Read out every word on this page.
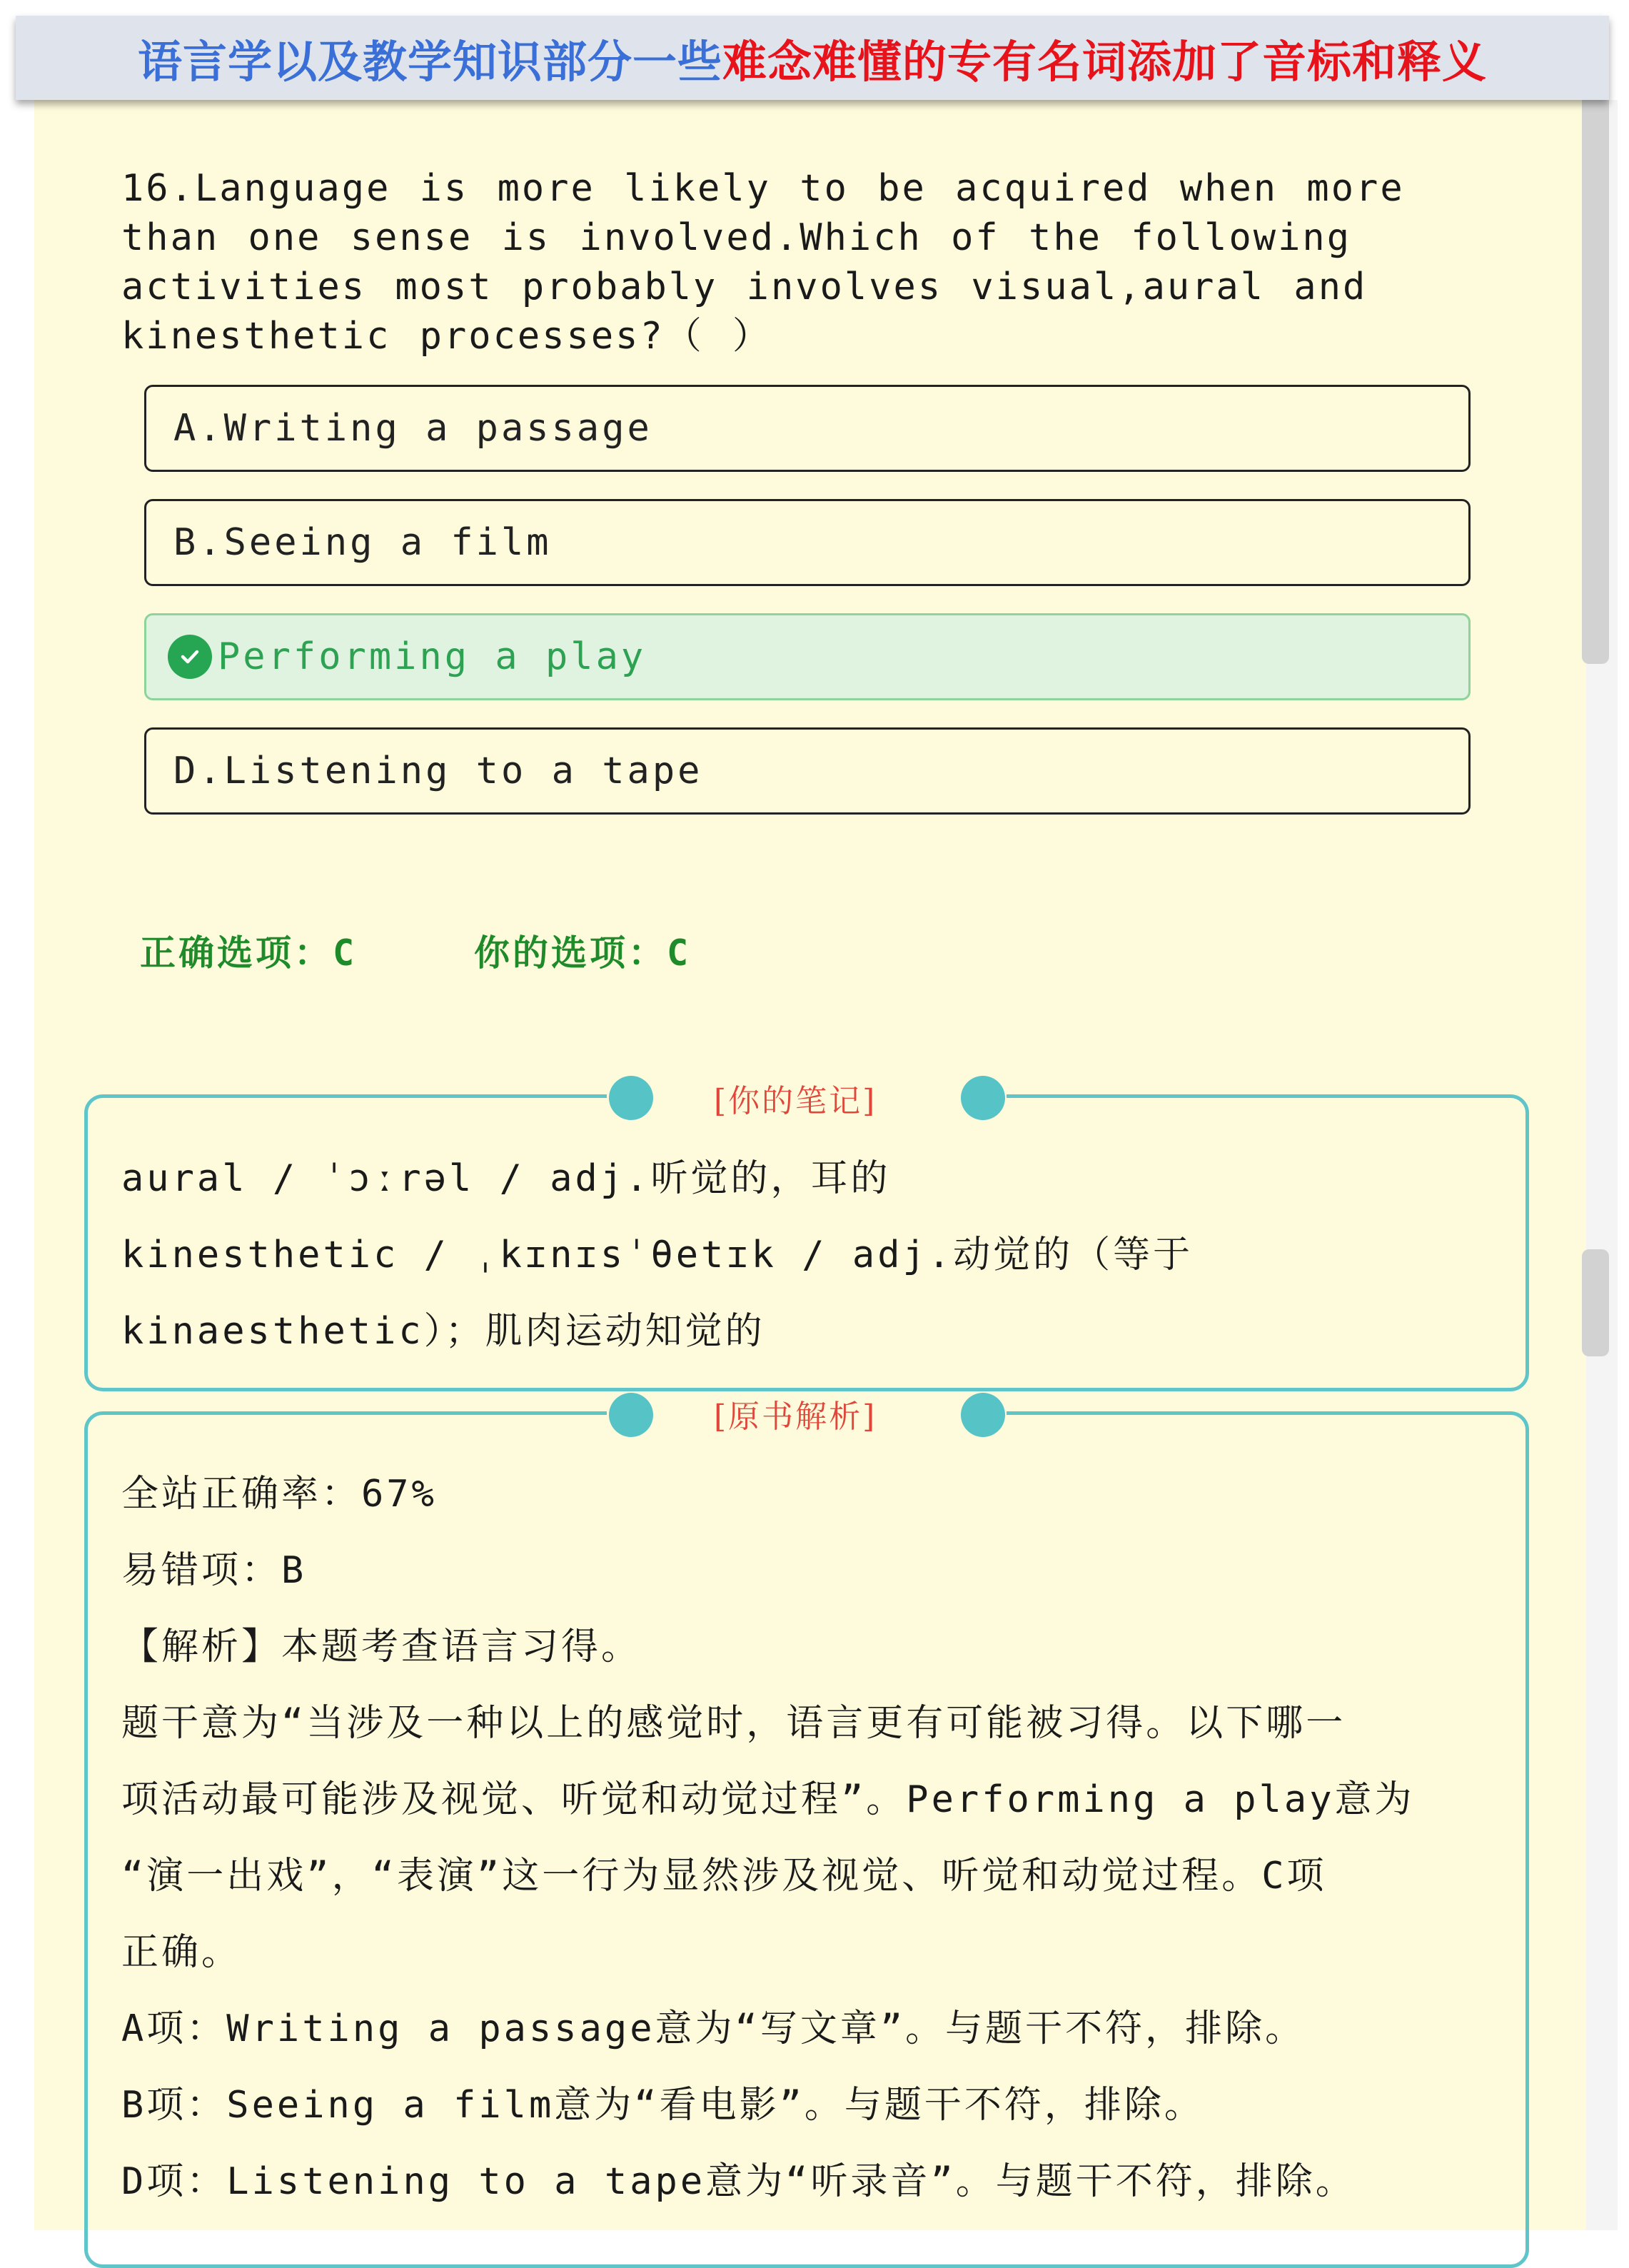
语言学以及教学知识部分一些 难念难懂的专有名词添加了音标和释义
16.Language is more likely to be acquired when more than one sense is involved.Which of the following activities most probably involves visual,aural and kinesthetic processes?（ ）
A.Writing a passage
B.Seeing a film
Performing a play
D.Listening to a tape
正确选项：C	你的选项：C
[你的笔记]
aural / ˈɔːrəl / adj.听觉的，耳的
kinesthetic / ˌkɪnɪsˈθetɪk / adj.动觉的（等于
kinaesthetic）；肌肉运动知觉的
[原书解析]
全站正确率：67%
易错项：B
【解析】本题考查语言习得。
题干意为“当涉及一种以上的感觉时，语言更有可能被习得。以下哪一
项活动最可能涉及视觉、听觉和动觉过程”。Performing a play意为
“演一出戏”，“表演”这一行为显然涉及视觉、听觉和动觉过程。C项
正确。
A项：Writing a passage意为“写文章”。与题干不符，排除。
B项：Seeing a film意为“看电影”。与题干不符，排除。
D项：Listening to a tape意为“听录音”。与题干不符，排除。
